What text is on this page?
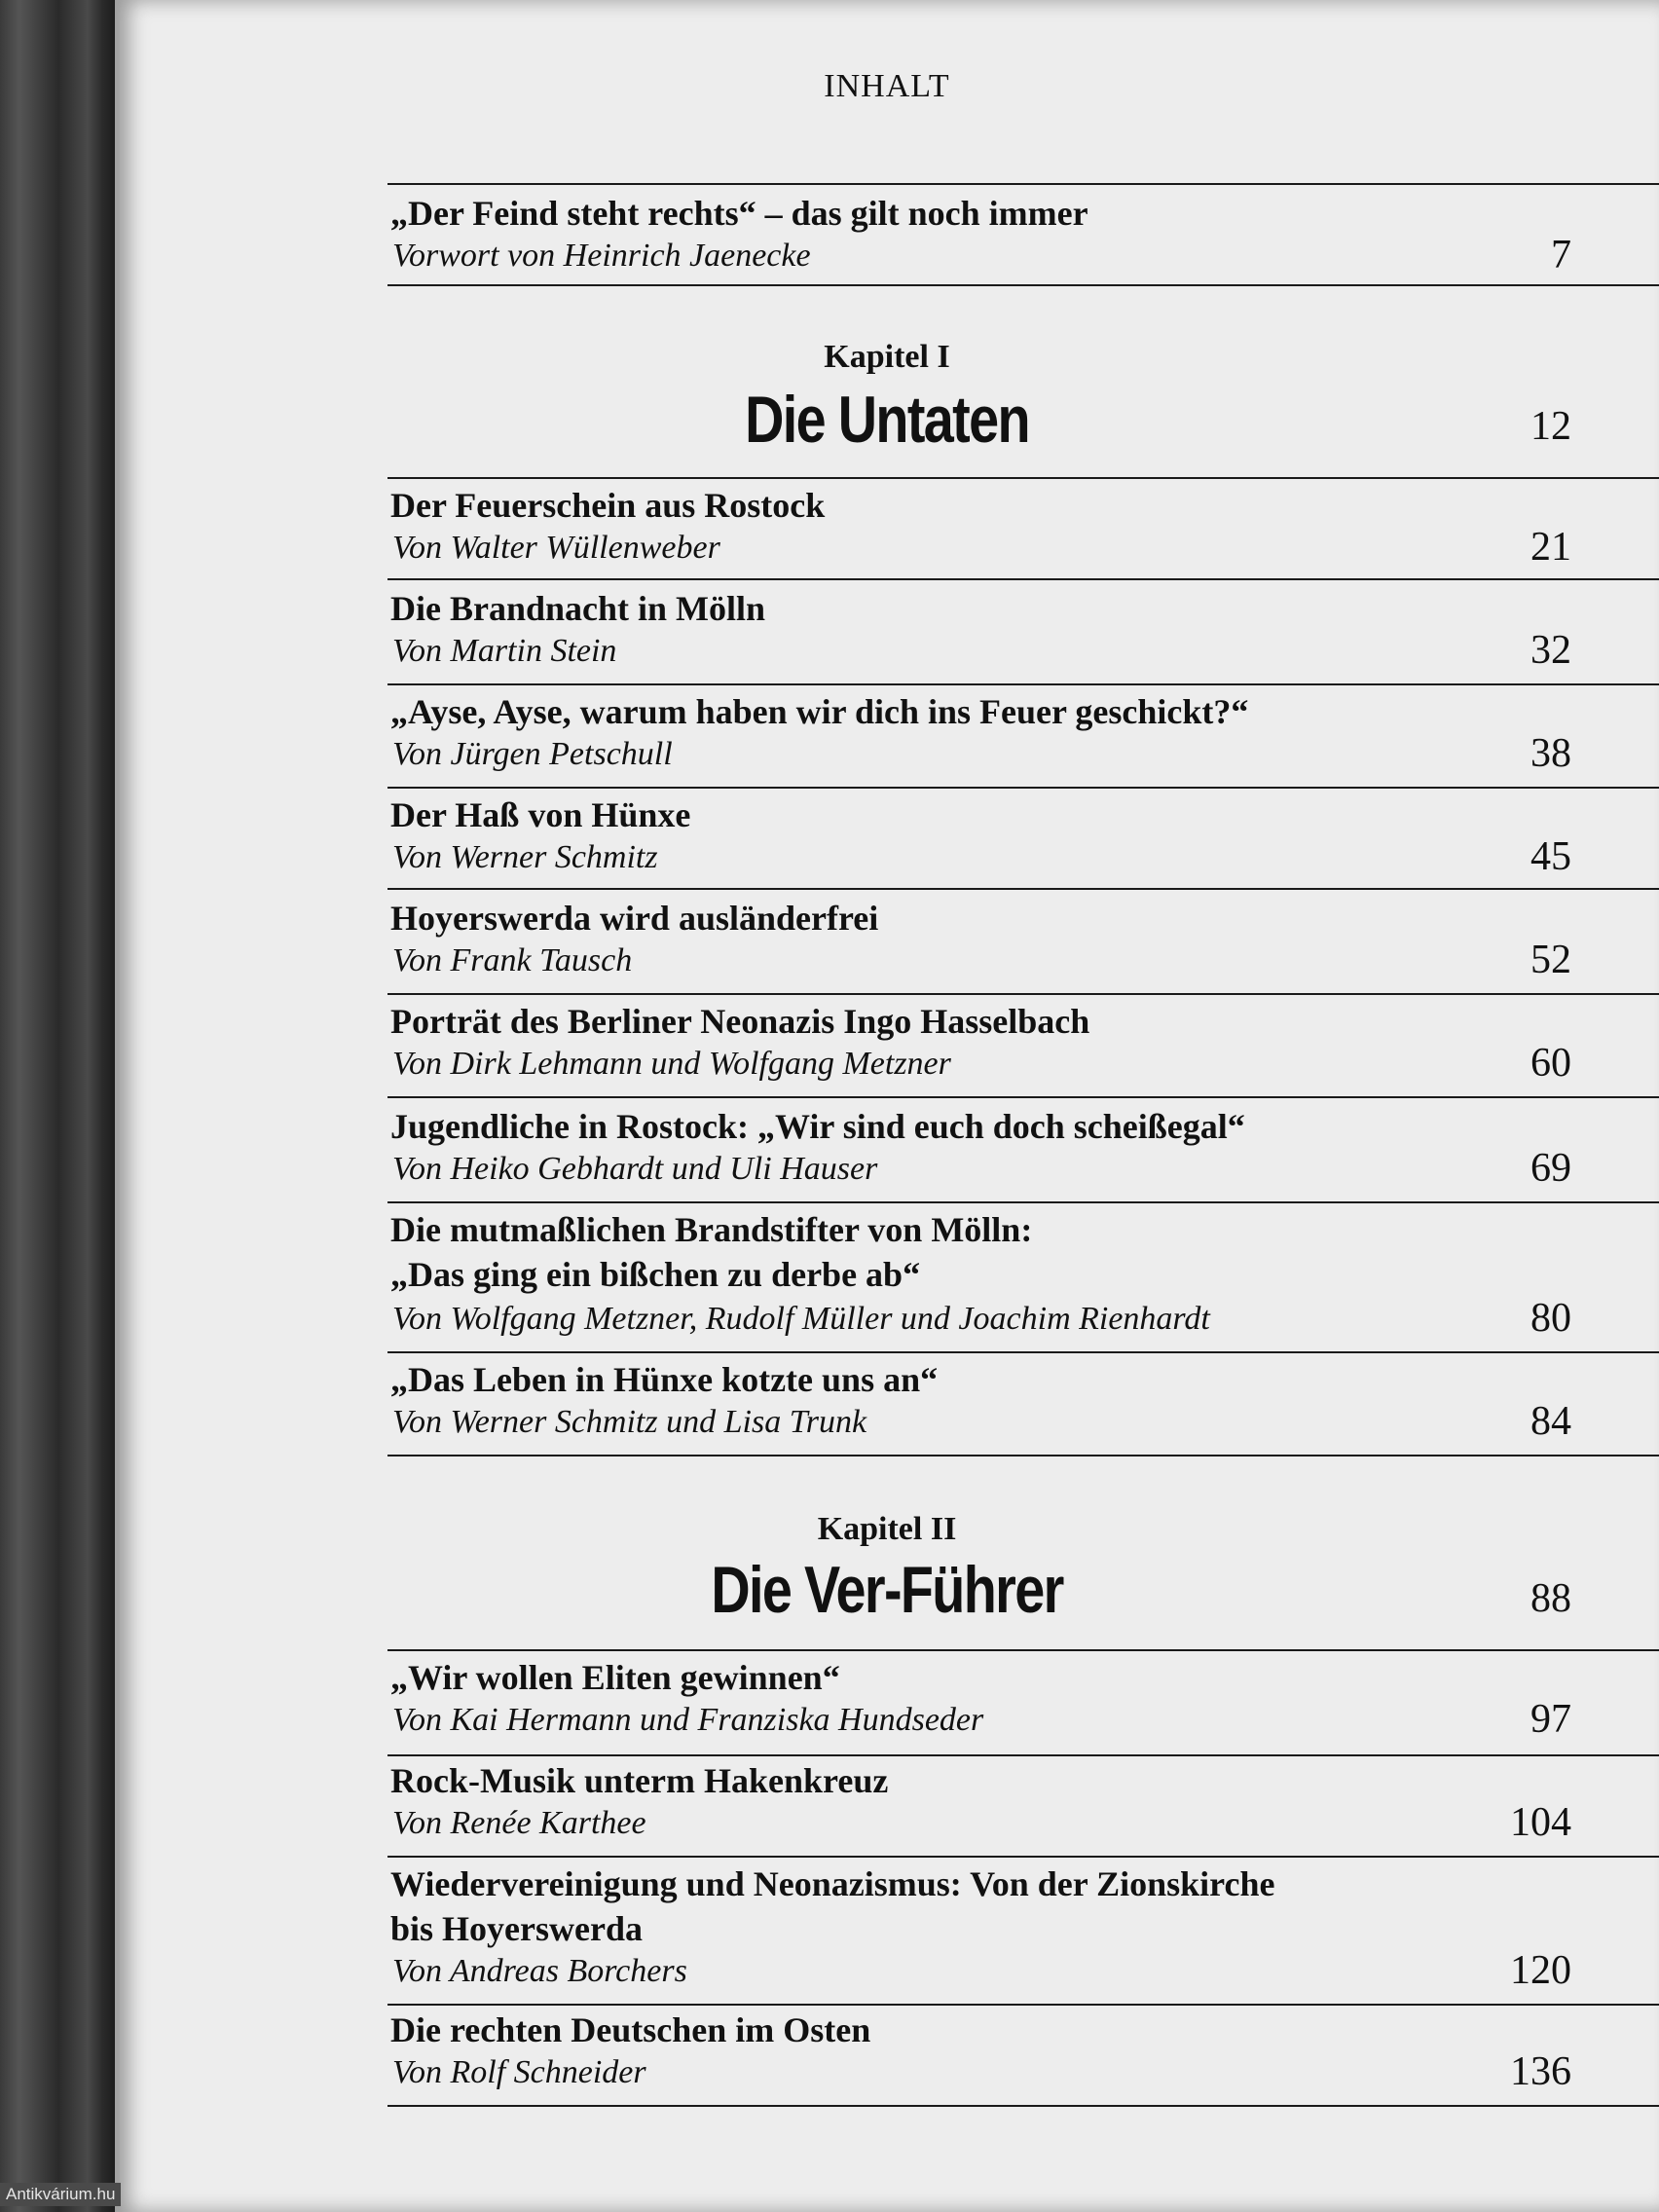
INHALT
„Der Feind steht rechts“ – das gilt noch immer
Vorwort von Heinrich Jaenecke	7
Kapitel I
Die Untaten	12
Der Feuerschein aus Rostock
Von Walter Wüllenweber	21
Die Brandnacht in Mölln
Von Martin Stein	32
„Ayse, Ayse, warum haben wir dich ins Feuer geschickt?“
Von Jürgen Petschull	38
Der Haß von Hünxe
Von Werner Schmitz	45
Hoyerswerda wird ausländerfrei
Von Frank Tausch	52
Porträt des Berliner Neonazis Ingo Hasselbach
Von Dirk Lehmann und Wolfgang Metzner	60
Jugendliche in Rostock: „Wir sind euch doch scheißegal“
Von Heiko Gebhardt und Uli Hauser	69
Die mutmaßlichen Brandstifter von Mölln:
„Das ging ein bißchen zu derbe ab“
Von Wolfgang Metzner, Rudolf Müller und Joachim Rienhardt	80
„Das Leben in Hünxe kotzte uns an“
Von Werner Schmitz und Lisa Trunk	84
Kapitel II
Die Ver-Führer	88
„Wir wollen Eliten gewinnen“
Von Kai Hermann und Franziska Hundseder	97
Rock-Musik unterm Hakenkreuz
Von Renée Karthee	104
Wiedervereinigung und Neonazismus: Von der Zionskirche
bis Hoyerswerda
Von Andreas Borchers	120
Die rechten Deutschen im Osten
Von Rolf Schneider	136
Antikvárium.hu
